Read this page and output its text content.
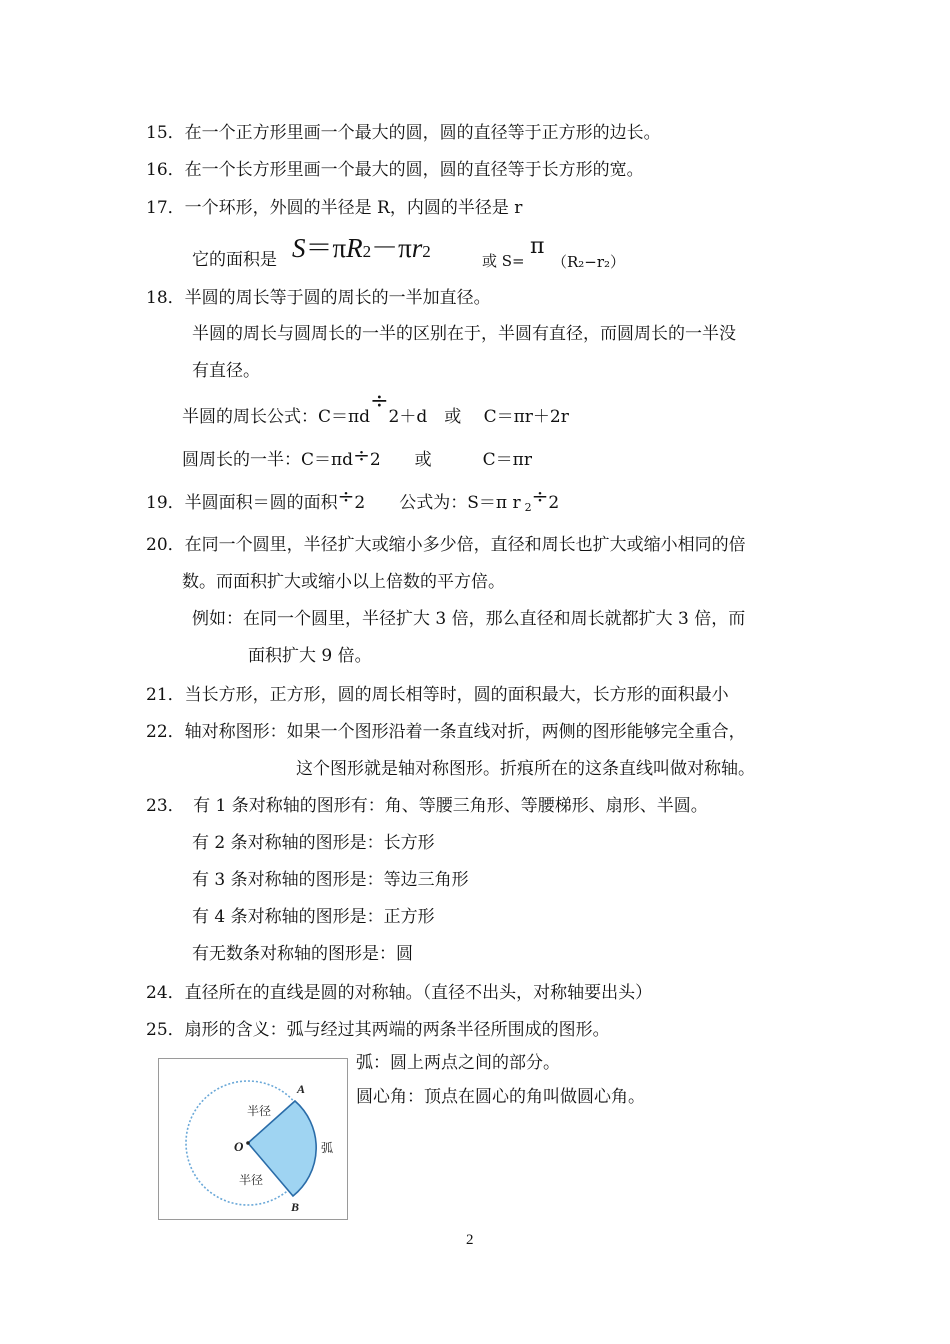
15．在一个正方形里画一个最大的圆，圆的直径等于正方形的边长。
16．在一个长方形里画一个最大的圆，圆的直径等于长方形的宽。
17．一个环形，外圆的半径是 R，内圆的半径是 r
它的面积是 S＝πR2－πr2	或 S=
π
（R₂−r₂）
18．半圆的周长等于圆的周长的一半加直径。
半圆的周长与圆周长的一半的区别在于，半圆有直径，而圆周长的一半没
有直径。
半圆的周长公式：C＝πd÷2＋d　或　 C＝πr＋2r
圆周长的一半：C＝πd÷2　　或　　　C＝πr
19．半圆面积＝圆的面积÷2　　公式为：S＝π r 2÷2
20．在同一个圆里，半径扩大或缩小多少倍，直径和周长也扩大或缩小相同的倍
数。而面积扩大或缩小以上倍数的平方倍。
例如：在同一个圆里，半径扩大 3 倍，那么直径和周长就都扩大 3 倍，而
面积扩大 9 倍。
21．当长方形，正方形，圆的周长相等时，圆的面积最大，长方形的面积最小
22．轴对称图形：如果一个图形沿着一条直线对折，两侧的图形能够完全重合，
这个图形就是轴对称图形。折痕所在的这条直线叫做对称轴。
23．　有 1 条对称轴的图形有：角、等腰三角形、等腰梯形、扇形、半圆。
有 2 条对称轴的图形是：长方形
有 3 条对称轴的图形是：等边三角形
有 4 条对称轴的图形是：正方形
有无数条对称轴的图形是：圆
24．直径所在的直线是圆的对称轴。（直径不出头，对称轴要出头）
25．扇形的含义：弧与经过其两端的两条半径所围成的图形。
弧：圆上两点之间的部分。
圆心角：顶点在圆心的角叫做圆心角。
A
B
O
半径
半径
弧
2
